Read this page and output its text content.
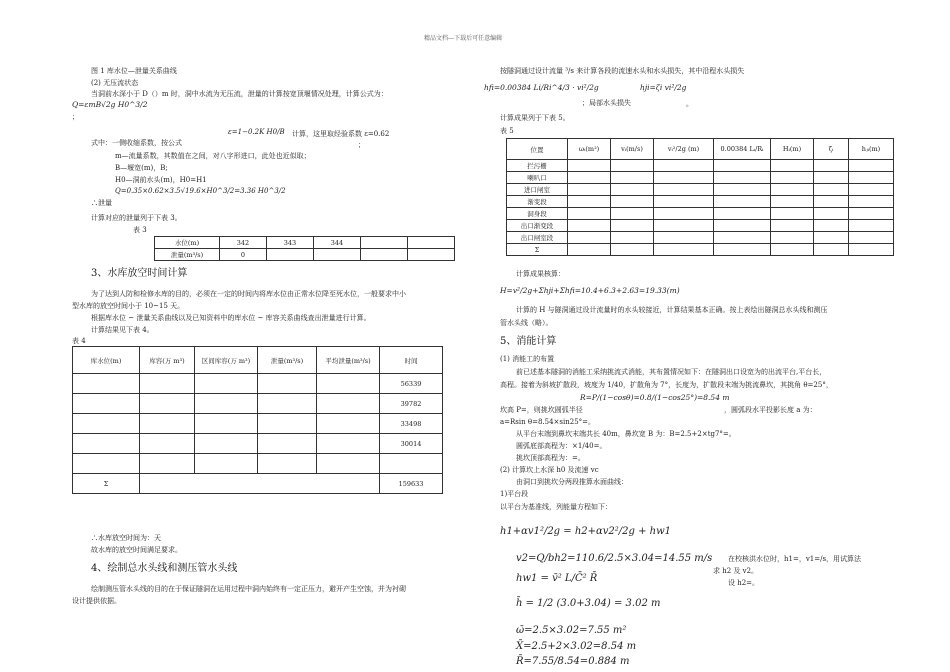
精品文档---下载后可任意编辑
图 1 库水位—泄量关系曲线
(2) 无压流状态
当洞前水深小于 D（）m 时，洞中水流为无压流，泄量的计算按宽顶堰情况处理，计算公式为：
Q=εmB√2g H0^3/2
；
ε=1−0.2K H0/B 计算，这里取经验系数 ε=0.62
；
式中：一侧收缩系数，按公式
m—流量系数，其数值在之间，对八字形进口，此处也近似取；
B—堰宽(m)，B;
H0—洞前水头(m)，H0=H1
Q=0.35×0.62×3.5√19.6×H0^3/2=3.36 H0^3/2
∴泄量
计算对应的泄量列于下表 3。
表 3
水位(m)	342	343	344		
泄量(m³/s)	0				
3、水库放空时间计算
为了达到人防和检修水库的目的，必须在一定的时间内将库水位由正常水位降至死水位，一般要求中小
型水库的放空时间小于 10~15 天。
根据库水位 ~ 泄量关系曲线以及已知资料中的库水位 ~ 库容关系曲线查出泄量进行计算。
计算结果见下表 4。
表 4
库水位(m)	库容(万 m³)	区间库容(万 m³)	泄量(m³/s)	平均泄量(m³/s)	时间
					56339
					39782
					33498
					30014

Σ					159633
∴水库放空时间为：天
故水库的放空时间满足要求。
4、绘制总水头线和测压管水头线
绘制测压管水头线的目的在于保证隧洞在运用过程中洞内始终有一定正压力，避开产生空蚀，并为衬砌
设计提供依据。
按隧洞通过设计流量 ³/s 来计算各段的流速水头和水头损失，其中沿程水头损失
hfi=0.00384 Li/Ri^4/3 · vi²/2g	hji=ζi vi²/2g
；局部水头损失	。
计算成果列于下表 5。
表 5
位置	ωᵢ(m²)	vᵢ(m/s)	vᵢ²/2g (m)	0.00384 Lᵢ/Rᵢ	Hᵢ(m)	ζᵢ	hⱼᵢ(m)
拦污栅							
喇叭口							
进口闸室							
渐变段							
洞身段							
出口渐变段							
出口闸室段							
Σ							
计算成果核算：
H=v²/2g+Σhji+Σhfi=10.4+6.3+2.63=19.33(m)
计算的 H 与隧洞通过设计流量时的水头较接近，计算结果基本正确。按上表绘出隧洞总水头线和测压
管水头线（略）。
5、消能计算
(1) 消能工的布置
前已述基本隧洞的消能工采纳挑流式消能，其布置情况如下：在隧洞出口设宽为的出流平台,平台长，
高程。接着为斜坡扩散段，坡度为 1/40，扩散角为 7°，长度为，扩散段末端为挑流鼻坎，其挑角 θ=25°，
R=P/(1−cosθ)=0.8/(1−cos25°)=8.54 m
坎高 P=，则挑坎圆弧半径	，圆弧段水平投影长度 a 为：
a=Rsin θ=8.54×sin25°=。
从平台末端到鼻坎末端共长 40m，鼻坎宽 B 为：B=2.5+2×tg7°=。
圆弧底部高程为：×1/40=。
挑坎顶部高程为：=。
(2) 计算坎上水深 h0 及流速 vc
由洞口到挑坎分两段推算水面曲线：
1)平台段
以平台为基准线，列能量方程如下：
h1+αv1²/2g = h2+αv2²/2g + hw1
v2=Q/bh2=110.6/2.5×3.04=14.55 m/s 在校核洪水位时，h1=，v1=/s，用试算法
hw1 = v̄² L/C̄² R̄
求 h2 及 v2。
设 h2=。
h̄ = 1/2 (3.0+3.04) = 3.02 m
ω̄=2.5×3.02=7.55 m²
X̄=2.5+2×3.02=8.54 m
R̄=7.55/8.54=0.884 m
